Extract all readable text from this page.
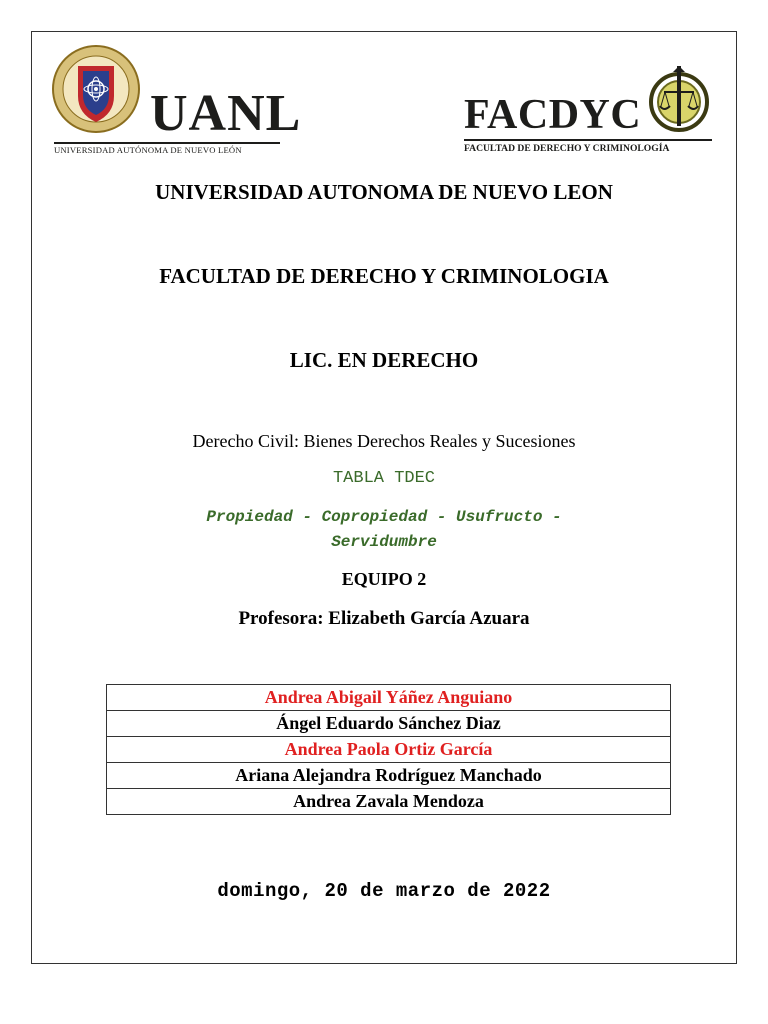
UANL
UNIVERSIDAD AUTÓNOMA DE NUEVO LEÓN
FACDYC
FACULTAD DE DERECHO Y CRIMINOLOGÍA
UNIVERSIDAD AUTONOMA DE NUEVO LEON
FACULTAD DE DERECHO Y CRIMINOLOGIA
LIC. EN DERECHO
Derecho Civil: Bienes Derechos Reales y Sucesiones
TABLA TDEC
Propiedad - Copropiedad - Usufructo -
Servidumbre
EQUIPO 2
Profesora: Elizabeth García Azuara
Andrea Abigail Yáñez Anguiano
Ángel Eduardo Sánchez Diaz
Andrea Paola Ortiz García
Ariana Alejandra Rodríguez Manchado
Andrea Zavala Mendoza
domingo, 20 de marzo de 2022
